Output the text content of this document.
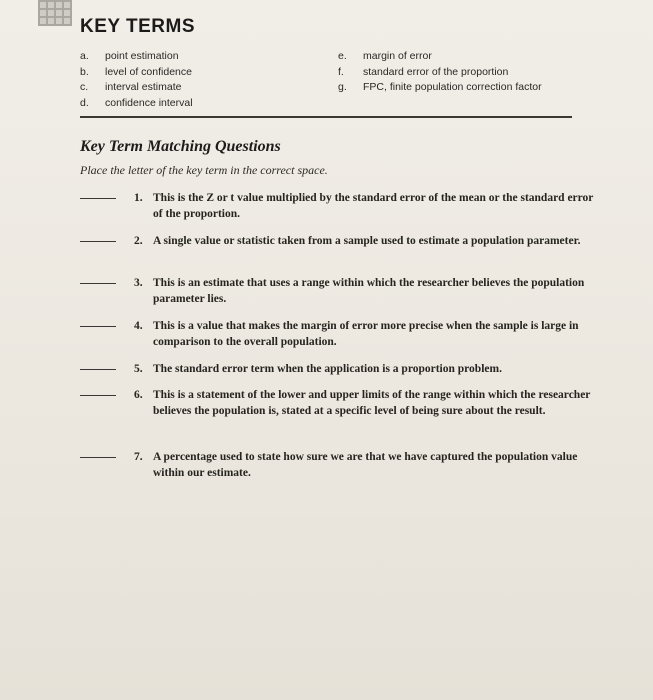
KEY TERMS
a.	point estimation
b.	level of confidence
c.	interval estimate
d.	confidence interval
e.	margin of error
f.	standard error of the proportion
g.	FPC, finite population correction factor
Key Term Matching Questions
Place the letter of the key term in the correct space.
1. This is the Z or t value multiplied by the standard error of the mean or the standard error of the proportion.
2. A single value or statistic taken from a sample used to estimate a population parameter.
3. This is an estimate that uses a range within which the researcher believes the population parameter lies.
4. This is a value that makes the margin of error more precise when the sample is large in comparison to the overall population.
5. The standard error term when the application is a proportion problem.
6. This is a statement of the lower and upper limits of the range within which the researcher believes the population is, stated at a specific level of being sure about the result.
7. A percentage used to state how sure we are that we have captured the population value within our estimate.
